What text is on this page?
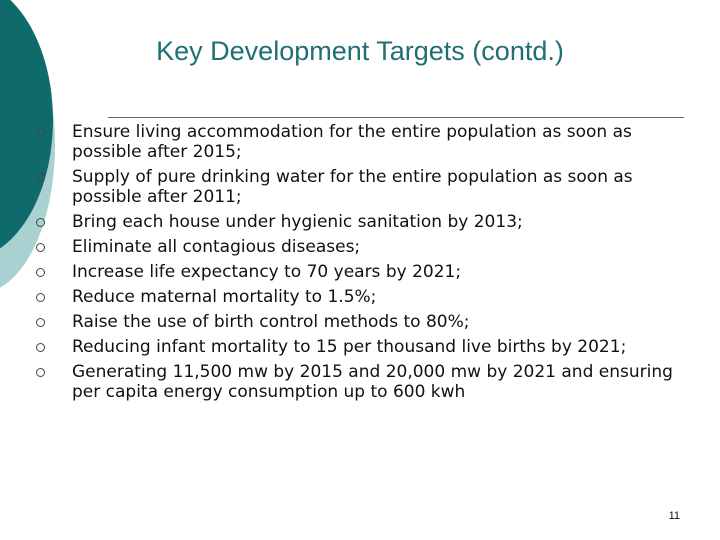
Key Development Targets (contd.)
Ensure living accommodation for the entire population as soon as possible after 2015;
Supply of pure drinking water for the entire population as soon as possible after 2011;
Bring each house under hygienic sanitation by 2013;
Eliminate all contagious diseases;
Increase life expectancy to 70 years by 2021;
Reduce maternal mortality to 1.5%;
Raise the use of birth control methods to 80%;
Reducing infant mortality to 15 per thousand live births by 2021;
Generating 11,500 mw by 2015 and 20,000 mw by 2021 and ensuring per capita energy consumption up to 600 kwh
11
